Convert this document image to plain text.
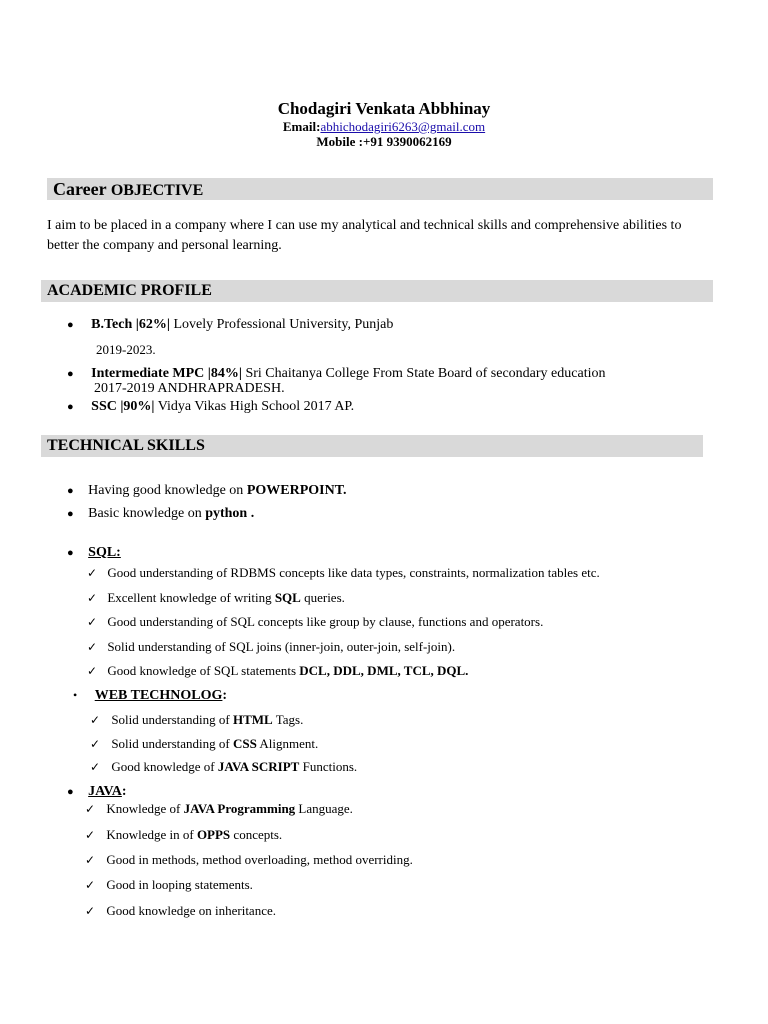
Chodagiri Venkata Abbhinay
Email:abhichodagiri6263@gmail.com
Mobile :+91 9390062169
Career OBJECTIVE
I aim to be placed in a company where I can use my analytical and technical skills and comprehensive abilities to
better the company and personal learning.
ACADEMIC PROFILE
● B.Tech |62%| Lovely Professional University, Punjab
2019-2023.
● Intermediate MPC |84%| Sri Chaitanya College From State Board of secondary education
2017-2019 ANDHRAPRADESH.
● SSC |90%| Vidya Vikas High School 2017 AP.
TECHNICAL SKILLS
● Having good knowledge on POWERPOINT.
● Basic knowledge on python .
● SQL:
✓ Good understanding of RDBMS concepts like data types, constraints, normalization tables etc.
✓ Excellent knowledge of writing SQL queries.
✓ Good understanding of SQL concepts like group by clause, functions and operators.
✓ Solid understanding of SQL joins (inner-join, outer-join, self-join).
✓ Good knowledge of SQL statements DCL, DDL, DML, TCL, DQL.
• WEB TECHNOLOG:
✓ Solid understanding of HTML Tags.
✓ Solid understanding of CSS Alignment.
✓ Good knowledge of JAVA SCRIPT Functions.
● JAVA:
✓ Knowledge of JAVA Programming Language.
✓ Knowledge in of OPPS concepts.
✓ Good in methods, method overloading, method overriding.
✓ Good in looping statements.
✓ Good knowledge on inheritance.
